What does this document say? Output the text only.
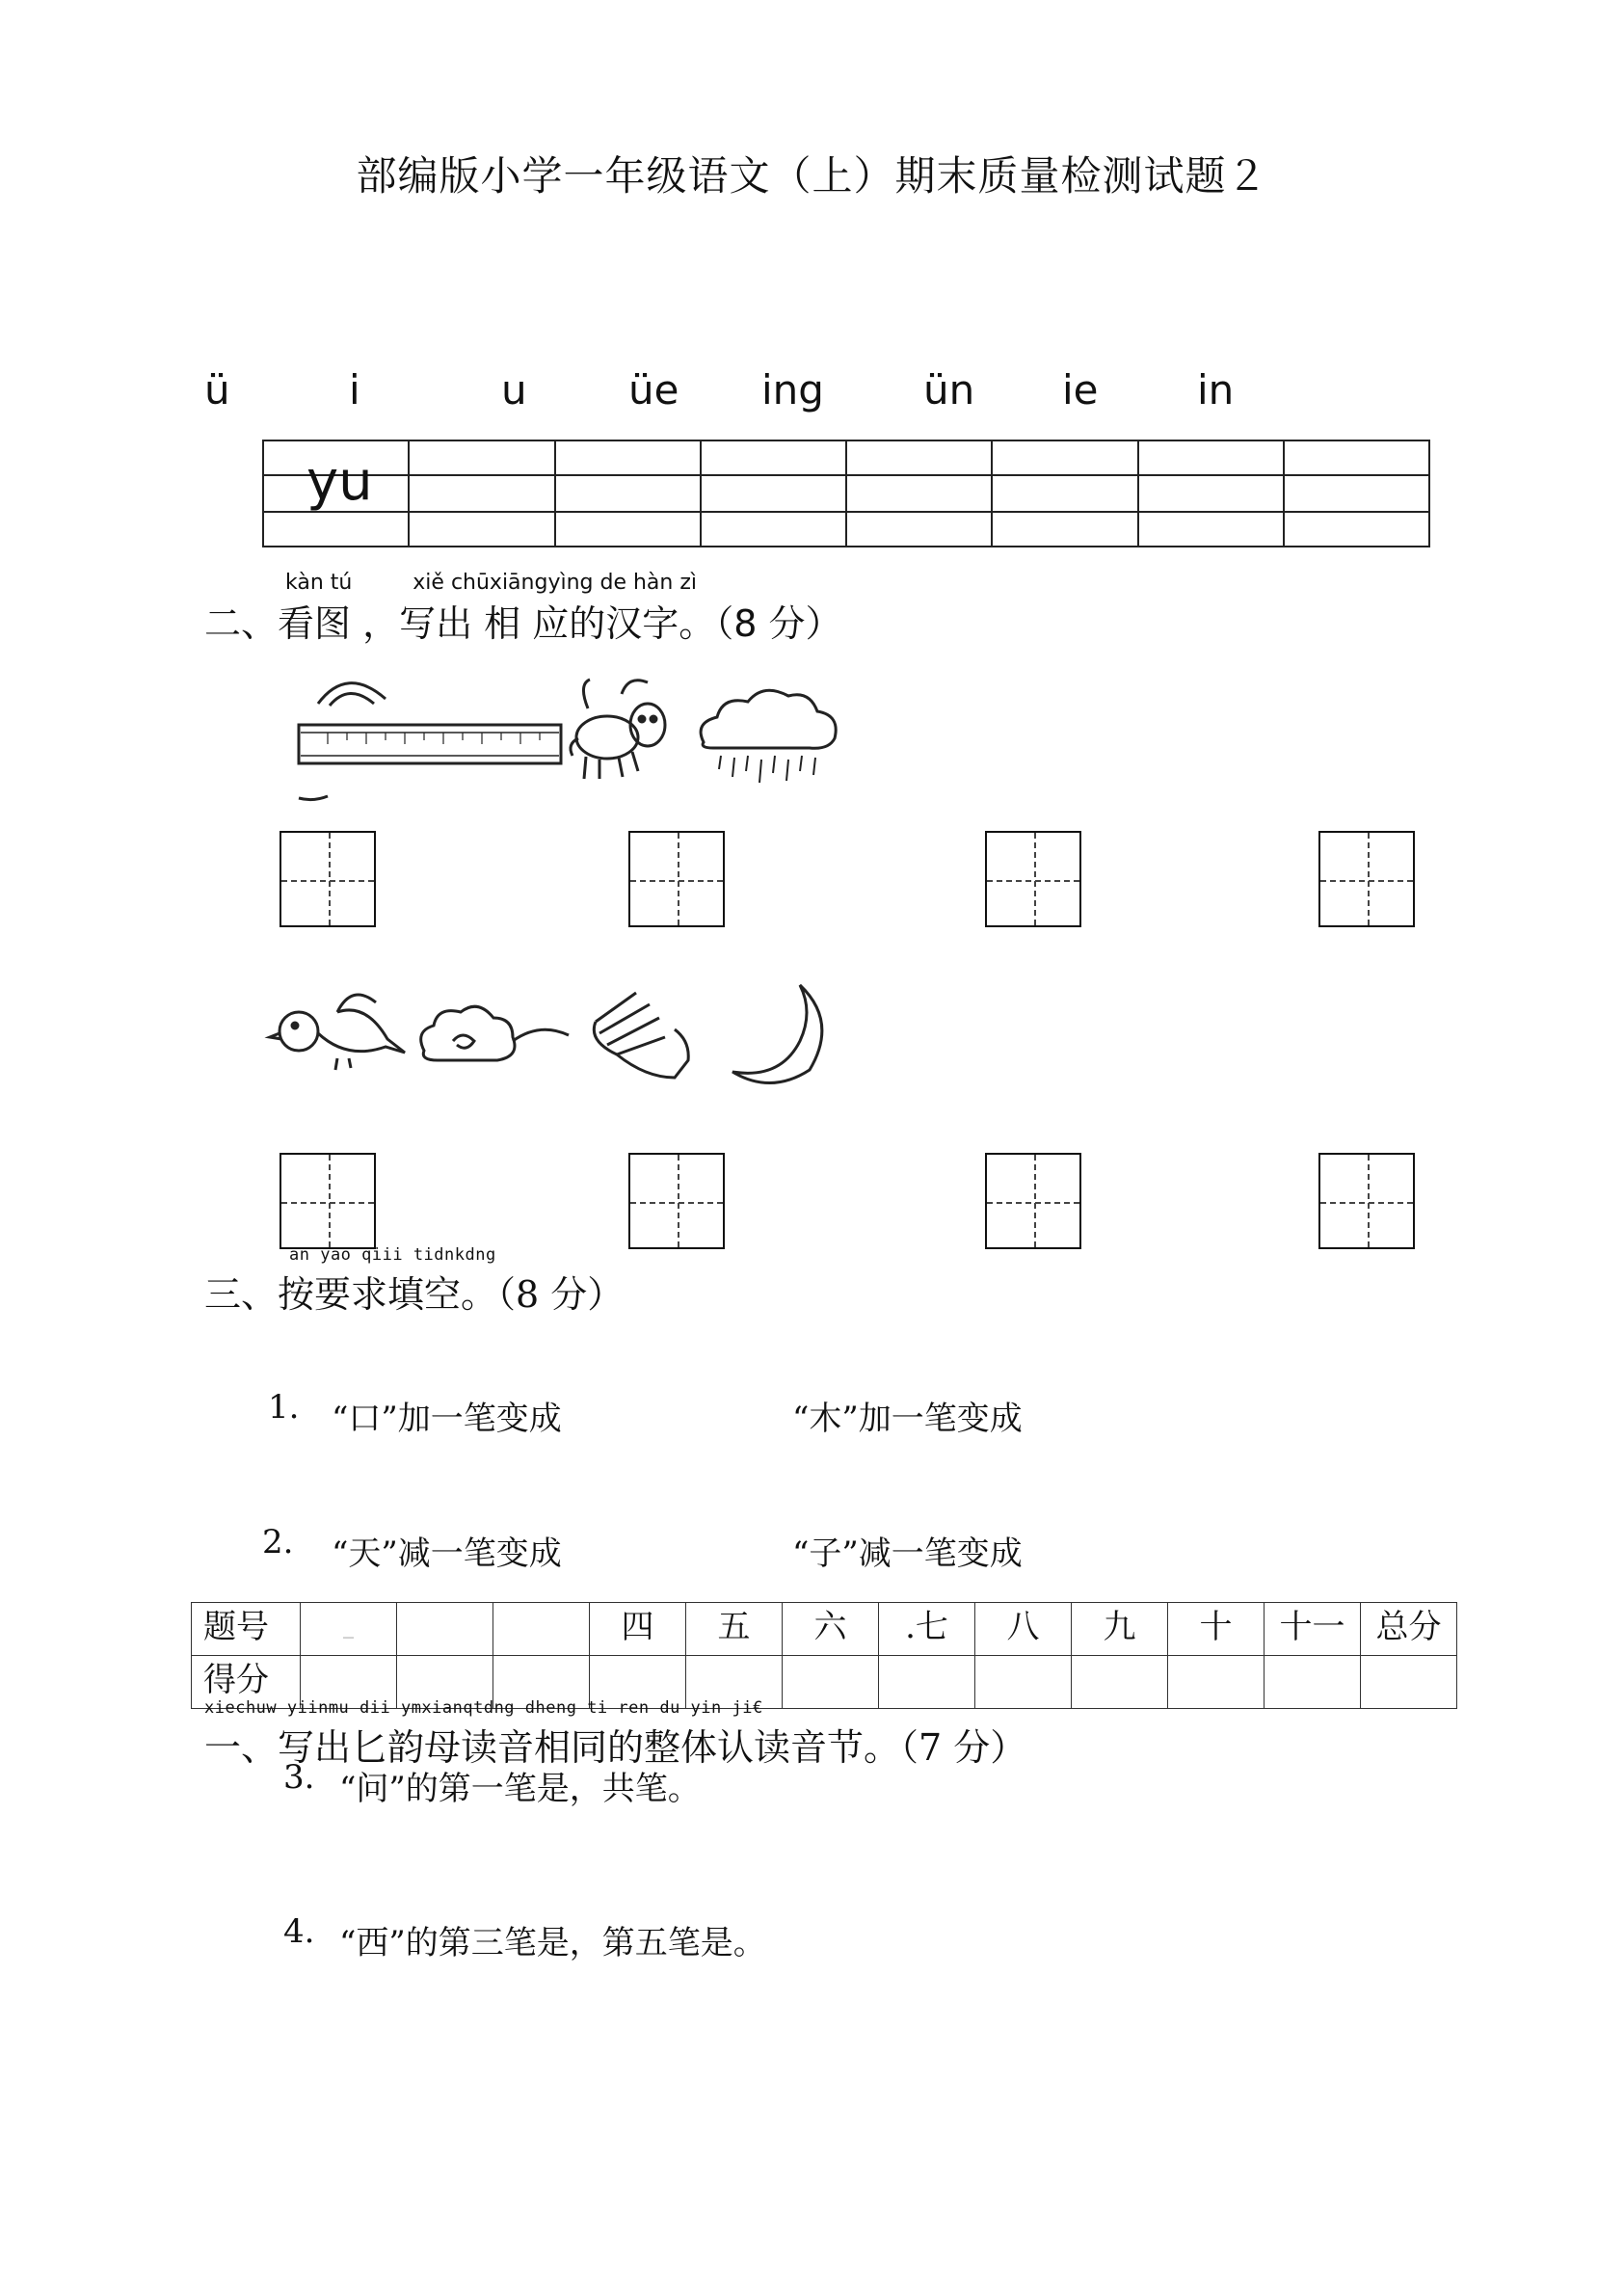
部编版小学一年级语文（上）期末质量检测试题２
ü	i	u	üe ing ün ie in

yu
kàn tú         xiě chūxiāngyìng de hàn zì
二、看图 ，写出 相 应的汉字。（8 分）
an yao qiii tidnkdng
三、按要求填空。（8 分）
1. “口”加一笔变成	“木”加一笔变成
2. “天”减一笔变成	“子”减一笔变成
题号	_			四	五	六	.七	八	九	十	十一	总分
得分												
xiechuw yiinmu dii ymxianqtdng dheng ti ren du yin ji€
一、写出匕韵母读音相同的整体认读音节。（7 分）
3. “问”的第一笔是，共笔。
4. “西”的第三笔是，第五笔是。
